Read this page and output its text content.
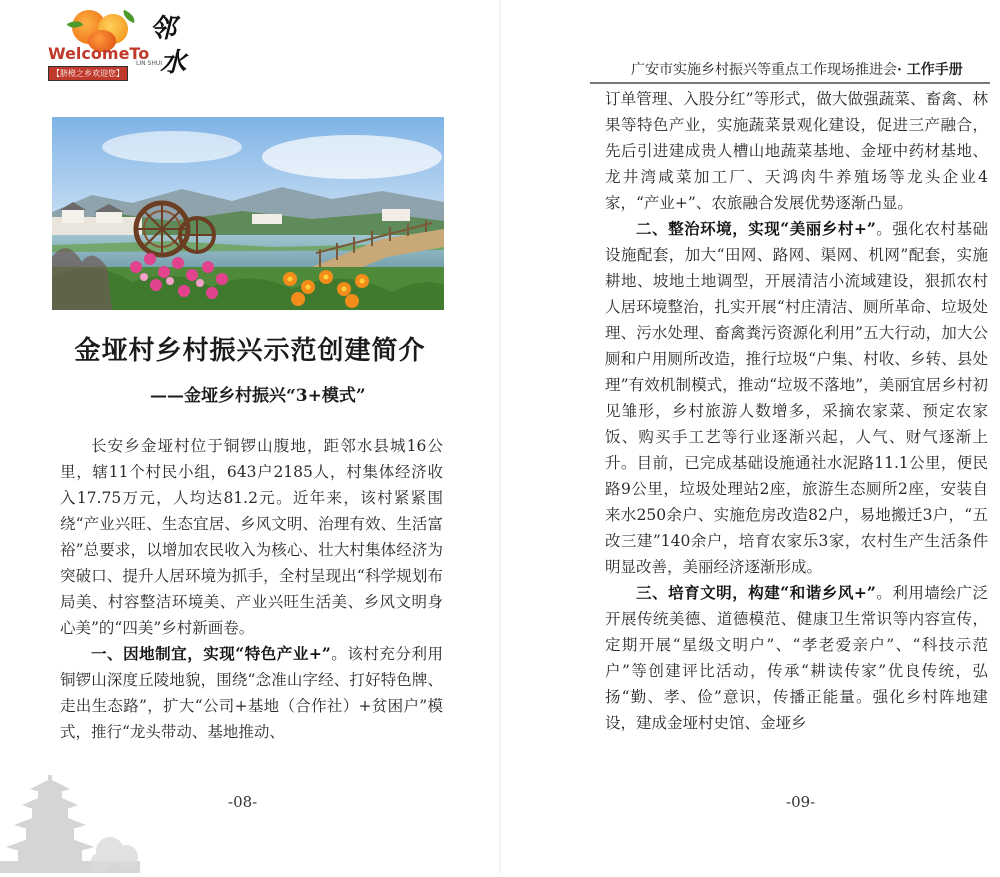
WelcomeTo
LIN SHUI
【脐橙之乡欢迎您】
邻
水
金垭村乡村振兴示范创建简介
——金垭乡村振兴“3+模式”

长安乡金垭村位于铜锣山腹地，距邻水县城16公里，辖11个村民小组，643户2185人，村集体经济收入17.75万元，人均达81.2元。近年来，该村紧紧围绕“产业兴旺、生态宜居、乡风文明、治理有效、生活富裕”总要求，以增加农民收入为核心、壮大村集体经济为突破口、提升人居环境为抓手，全村呈现出“科学规划布局美、村容整洁环境美、产业兴旺生活美、乡风文明身心美”的“四美”乡村新画卷。

一、因地制宜，实现“特色产业+”。该村充分利用铜锣山深度丘陵地貌，围绕“念准山字经、打好特色牌、走出生态路”，扩大“公司+基地（合作社）+贫困户”模式，推行“龙头带动、基地推动、

-08-
广安市实施乡村振兴等重点工作现场推进会· 工作手册

订单管理、入股分红”等形式，做大做强蔬菜、畜禽、林果等特色产业，实施蔬菜景观化建设，促进三产融合，先后引进建成贵人槽山地蔬菜基地、金垭中药材基地、龙井湾咸菜加工厂、天鸿肉牛养殖场等龙头企业4家，“产业+”、农旅融合发展优势逐渐凸显。

二、整治环境，实现“美丽乡村+”。强化农村基础设施配套，加大“田网、路网、渠网、机网”配套，实施耕地、坡地土地调型，开展清洁小流域建设，狠抓农村人居环境整治，扎实开展“村庄清洁、厕所革命、垃圾处理、污水处理、畜禽粪污资源化利用”五大行动，加大公厕和户用厕所改造，推行垃圾“户集、村收、乡转、县处理”有效机制模式，推动“垃圾不落地”，美丽宜居乡村初见雏形，乡村旅游人数增多，采摘农家菜、预定农家饭、购买手工艺等行业逐渐兴起，人气、财气逐渐上升。目前，已完成基础设施通社水泥路11.1公里，便民路9公里，垃圾处理站2座，旅游生态厕所2座，安装自来水250余户、实施危房改造82户，易地搬迁3户，“五改三建”140余户，培育农家乐3家，农村生产生活条件明显改善，美丽经济逐渐形成。

三、培育文明，构建“和谐乡风+”。利用墙绘广泛开展传统美德、道德模范、健康卫生常识等内容宣传，定期开展“星级文明户”、“孝老爱亲户”、“科技示范户”等创建评比活动，传承“耕读传家”优良传统，弘扬“勤、孝、俭”意识，传播正能量。强化乡村阵地建设，建成金垭村史馆、金垭乡

-09-
